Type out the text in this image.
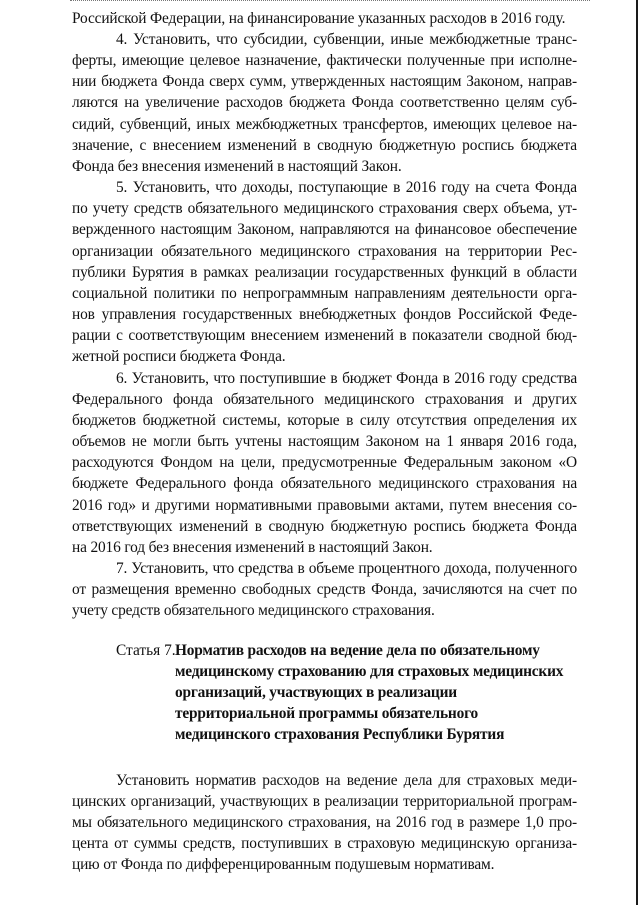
Российской Федерации, на финансирование указанных расходов в 2016 году.
4. Установить, что субсидии, субвенции, иные межбюджетные транс-
ферты, имеющие целевое назначение, фактически полученные при исполне-
нии бюджета Фонда сверх сумм, утвержденных настоящим Законом, направ-
ляются на увеличение расходов бюджета Фонда соответственно целям суб-
сидий, субвенций, иных межбюджетных трансфертов, имеющих целевое на-
значение, с внесением изменений в сводную бюджетную роспись бюджета
Фонда без внесения изменений в настоящий Закон.
5. Установить, что доходы, поступающие в 2016 году на счета Фонда
по учету средств обязательного медицинского страхования сверх объема, ут-
вержденного настоящим Законом, направляются на финансовое обеспечение
организации обязательного медицинского страхования на территории Рес-
публики Бурятия в рамках реализации государственных функций в области
социальной политики по непрограммным направлениям деятельности орга-
нов управления государственных внебюджетных фондов Российской Феде-
рации с соответствующим внесением изменений в показатели сводной бюд-
жетной росписи бюджета Фонда.
6. Установить, что поступившие в бюджет Фонда в 2016 году средства
Федерального фонда обязательного медицинского страхования и других
бюджетов бюджетной системы, которые в силу отсутствия определения их
объемов не могли быть учтены настоящим Законом на 1 января 2016 года,
расходуются Фондом на цели, предусмотренные Федеральным законом «О
бюджете Федерального фонда обязательного медицинского страхования на
2016 год» и другими нормативными правовыми актами, путем внесения со-
ответствующих изменений в сводную бюджетную роспись бюджета Фонда
на 2016 год без внесения изменений в настоящий Закон.
7. Установить, что средства в объеме процентного дохода, полученного
от размещения временно свободных средств Фонда, зачисляются на счет по
учету средств обязательного медицинского страхования.
Статья 7. Норматив расходов на ведение дела по обязательному
медицинскому страхованию для страховых медицинских
организаций, участвующих в реализации
территориальной программы обязательного
медицинского страхования Республики Бурятия
Установить норматив расходов на ведение дела для страховых меди-
цинских организаций, участвующих в реализации территориальной програм-
мы обязательного медицинского страхования, на 2016 год в размере 1,0 про-
цента от суммы средств, поступивших в страховую медицинскую организа-
цию от Фонда по дифференцированным подушевым нормативам.
